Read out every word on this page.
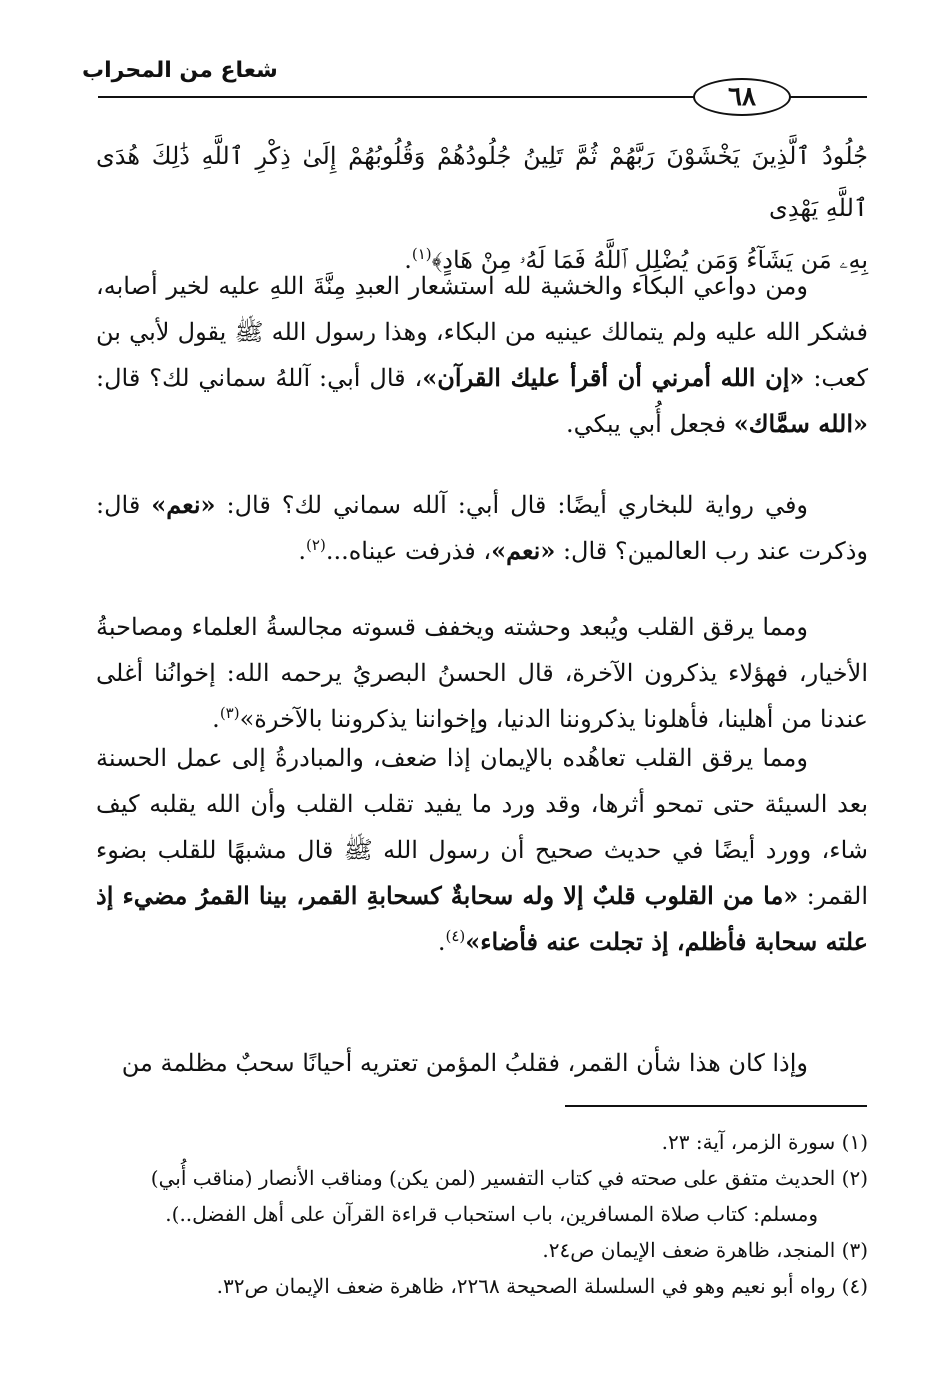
شعاع من المحراب
٦٨

جُلُودُ ٱلَّذِينَ يَخْشَوْنَ رَبَّهُمْ ثُمَّ تَلِينُ جُلُودُهُمْ وَقُلُوبُهُمْ إِلَىٰ ذِكْرِ ٱللَّهِ ذَٰلِكَ هُدَى ٱللَّهِ يَهْدِى

بِهِۦ مَن يَشَآءُ وَمَن يُضْلِلِ ٱللَّهُ فَمَا لَهُۥ مِنْ هَادٍ﴾$^{(١)}$.

ومن دواعي البكاء والخشية لله استشعار العبدِ مِنَّةَ اللهِ عليه لخير أصابه، فشكر الله عليه ولم يتمالك عينيه من البكاء، وهذا رسول الله ﷺ يقول لأبي بن كعب: «إن الله أمرني أن أقرأ عليك القرآن»، قال أبي: آللهُ سماني لك؟ قال: «الله سمَّاك» فجعل أُبي يبكي.

وفي رواية للبخاري أيضًا: قال أبي: آلله سماني لك؟ قال: «نعم» قال: وذكرت عند رب العالمين؟ قال: «نعم»، فذرفت عيناه...$^{(٢)}$.

ومما يرقق القلب ويُبعد وحشته ويخفف قسوته مجالسةُ العلماء ومصاحبةُ الأخيار، فهؤلاء يذكرون الآخرة، قال الحسنُ البصريُ يرحمه الله: إخوانُنا أغلى عندنا من أهلينا، فأهلونا يذكروننا الدنيا، وإخواننا يذكروننا بالآخرة»$^{(٣)}$.

ومما يرقق القلب تعاهُده بالإيمان إذا ضعف، والمبادرةُ إلى عمل الحسنة بعد السيئة حتى تمحو أثرها، وقد ورد ما يفيد تقلب القلب وأن الله يقلبه كيف شاء، وورد أيضًا في حديث صحيح أن رسول الله ﷺ قال مشبهًا للقلب بضوء القمر: «ما من القلوب قلبٌ إلا وله سحابةٌ كسحابةِ القمر، بينا القمرُ مضيء إذ علته سحابة فأظلم، إذ تجلت عنه فأضاء»$^{(٤)}$.

وإذا كان هذا شأن القمر، فقلبُ المؤمن تعتريه أحيانًا سحبٌ مظلمة من

(١) سورة الزمر، آية: ٢٣.

(٢) الحديث متفق على صحته في كتاب التفسير (لمن يكن) ومناقب الأنصار (مناقب أُبي)

ومسلم: كتاب صلاة المسافرين، باب استحباب قراءة القرآن على أهل الفضل..).

(٣) المنجد، ظاهرة ضعف الإيمان ص٢٤.

(٤) رواه أبو نعيم وهو في السلسلة الصحيحة ٢٢٦٨، ظاهرة ضعف الإيمان ص٣٢.
